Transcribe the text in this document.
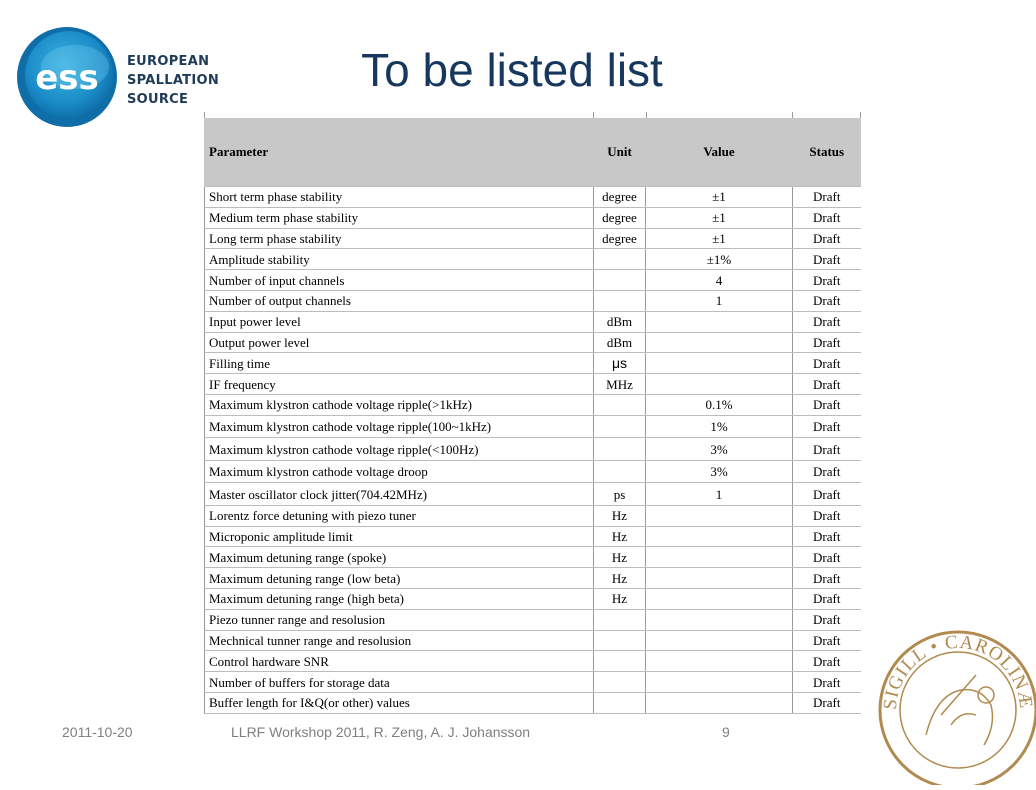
ess EUROPEAN
SPALLATION
SOURCE
To be listed list
Parameter	Unit	Value	Status
Short term phase stability	degree	±1	Draft
Medium term phase stability	degree	±1	Draft
Long term phase stability	degree	±1	Draft
Amplitude stability		±1%	Draft
Number of input channels		4	Draft
Number of output channels		1	Draft
Input power level	dBm		Draft
Output power level	dBm		Draft
Filling time	μs		Draft
IF frequency	MHz		Draft
Maximum klystron cathode voltage ripple(>1kHz)		0.1%	Draft
Maximum klystron cathode voltage ripple(100~1kHz)		1%	Draft
Maximum klystron cathode voltage ripple(<100Hz)		3%	Draft
Maximum klystron cathode voltage droop		3%	Draft
Master oscillator clock jitter(704.42MHz)	ps	1	Draft
Lorentz force detuning with piezo tuner	Hz		Draft
Microponic amplitude limit	Hz		Draft
Maximum detuning range (spoke)	Hz		Draft
Maximum detuning range (low beta)	Hz		Draft
Maximum detuning range (high beta)	Hz		Draft
Piezo tunner range and resolusion			Draft
Mechnical tunner range and resolusion			Draft
Control hardware SNR			Draft
Number of buffers for storage data			Draft
Buffer length for I&Q(or other) values			Draft
2011-10-20	LLRF Workshop 2011, R. Zeng, A. J. Johansson	9
SIGILL • CAROLINÆ
